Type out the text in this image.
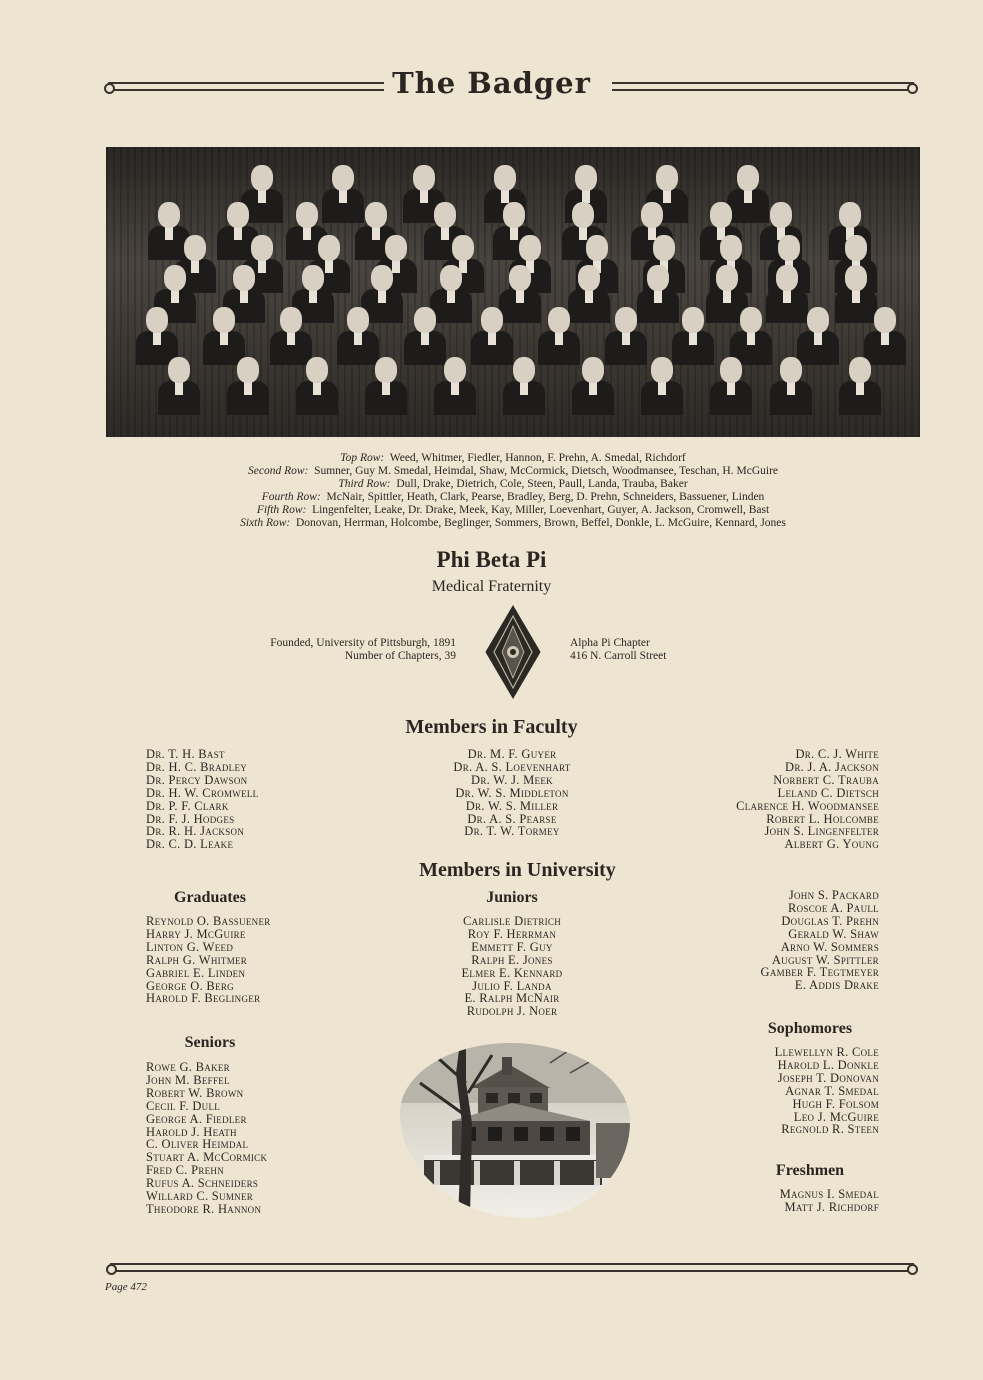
The Badger
Top Row: Weed, Whitmer, Fiedler, Hannon, F. Prehn, A. Smedal, Richdorf
Second Row: Sumner, Guy M. Smedal, Heimdal, Shaw, McCormick, Dietsch, Woodmansee, Teschan, H. McGuire
Third Row: Dull, Drake, Dietrich, Cole, Steen, Paull, Landa, Trauba, Baker
Fourth Row: McNair, Spittler, Heath, Clark, Pearse, Bradley, Berg, D. Prehn, Schneiders, Bassuener, Linden
Fifth Row: Lingenfelter, Leake, Dr. Drake, Meek, Kay, Miller, Loevenhart, Guyer, A. Jackson, Cromwell, Bast
Sixth Row: Donovan, Herrman, Holcombe, Beglinger, Sommers, Brown, Beffel, Donkle, L. McGuire, Kennard, Jones
Phi Beta Pi
Medical Fraternity
Founded, University of Pittsburgh, 1891
Number of Chapters, 39
Alpha Pi Chapter
416 N. Carroll Street
Members in Faculty
Dr. T. H. Bast
Dr. H. C. Bradley
Dr. Percy Dawson
Dr. H. W. Cromwell
Dr. P. F. Clark
Dr. F. J. Hodges
Dr. R. H. Jackson
Dr. C. D. Leake
Dr. M. F. Guyer
Dr. A. S. Loevenhart
Dr. W. J. Meek
Dr. W. S. Middleton
Dr. W. S. Miller
Dr. A. S. Pearse
Dr. T. W. Tormey
Dr. C. J. White
Dr. J. A. Jackson
Norbert C. Trauba
Leland C. Dietsch
Clarence H. Woodmansee
Robert L. Holcombe
John S. Lingenfelter
Albert G. Young
Members in University
Graduates
Reynold O. Bassuener
Harry J. McGuire
Linton G. Weed
Ralph G. Whitmer
Gabriel E. Linden
George O. Berg
Harold F. Beglinger
Juniors
Carlisle Dietrich
Roy F. Herrman
Emmett F. Guy
Ralph E. Jones
Elmer E. Kennard
Julio F. Landa
E. Ralph McNair
Rudolph J. Noer
John S. Packard
Roscoe A. Paull
Douglas T. Prehn
Gerald W. Shaw
Arno W. Sommers
August W. Spittler
Gamber F. Tegtmeyer
E. Addis Drake
Seniors
Rowe G. Baker
John M. Beffel
Robert W. Brown
Cecil F. Dull
George A. Fiedler
Harold J. Heath
C. Oliver Heimdal
Stuart A. McCormick
Fred C. Prehn
Rufus A. Schneiders
Willard C. Sumner
Theodore R. Hannon
Sophomores
Llewellyn R. Cole
Harold L. Donkle
Joseph T. Donovan
Agnar T. Smedal
Hugh F. Folsom
Leo J. McGuire
Regnold R. Steen
Freshmen
Magnus I. Smedal
Matt J. Richdorf
Page 472
